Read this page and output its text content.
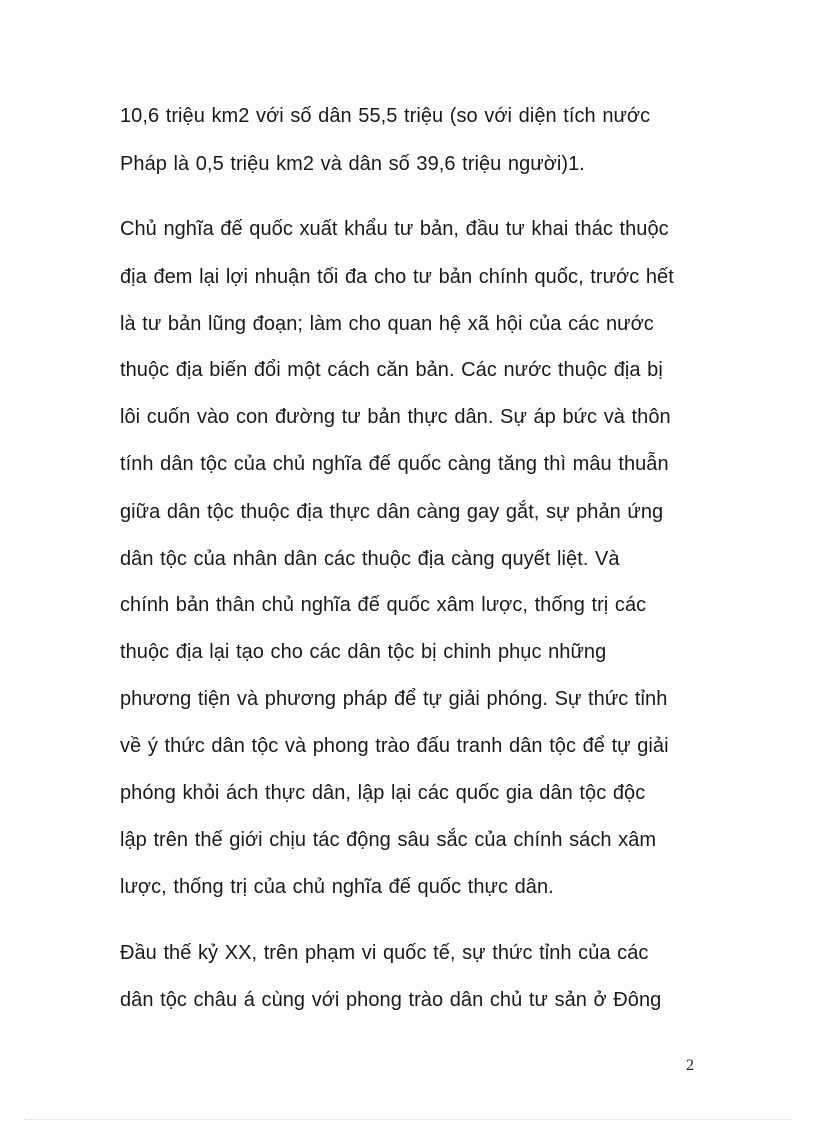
10,6 triệu km2 với số dân 55,5 triệu (so với diện tích nước
Pháp là 0,5 triệu km2 và dân số 39,6 triệu người)1.
Chủ nghĩa đế quốc xuất khẩu tư bản, đầu tư khai thác thuộc
địa đem lại lợi nhuận tối đa cho tư bản chính quốc, trước hết
là tư bản lũng đoạn; làm cho quan hệ xã hội của các nước
thuộc địa biến đổi một cách căn bản. Các nước thuộc địa bị
lôi cuốn vào con đường tư bản thực dân. Sự áp bức và thôn
tính dân tộc của chủ nghĩa đế quốc càng tăng thì mâu thuẫn
giữa dân tộc thuộc địa thực dân càng gay gắt, sự phản ứng
dân tộc của nhân dân các thuộc địa càng quyết liệt. Và
chính bản thân chủ nghĩa đế quốc xâm lược, thống trị các
thuộc địa lại tạo cho các dân tộc bị chinh phục những
phương tiện và phương pháp để tự giải phóng. Sự thức tỉnh
về ý thức dân tộc và phong trào đấu tranh dân tộc để tự giải
phóng khỏi ách thực dân, lập lại các quốc gia dân tộc độc
lập trên thế giới chịu tác động sâu sắc của chính sách xâm
lược, thống trị của chủ nghĩa đế quốc thực dân.
Đầu thế kỷ XX, trên phạm vi quốc tế, sự thức tỉnh của các
dân tộc châu á cùng với phong trào dân chủ tư sản ở Đông
2
